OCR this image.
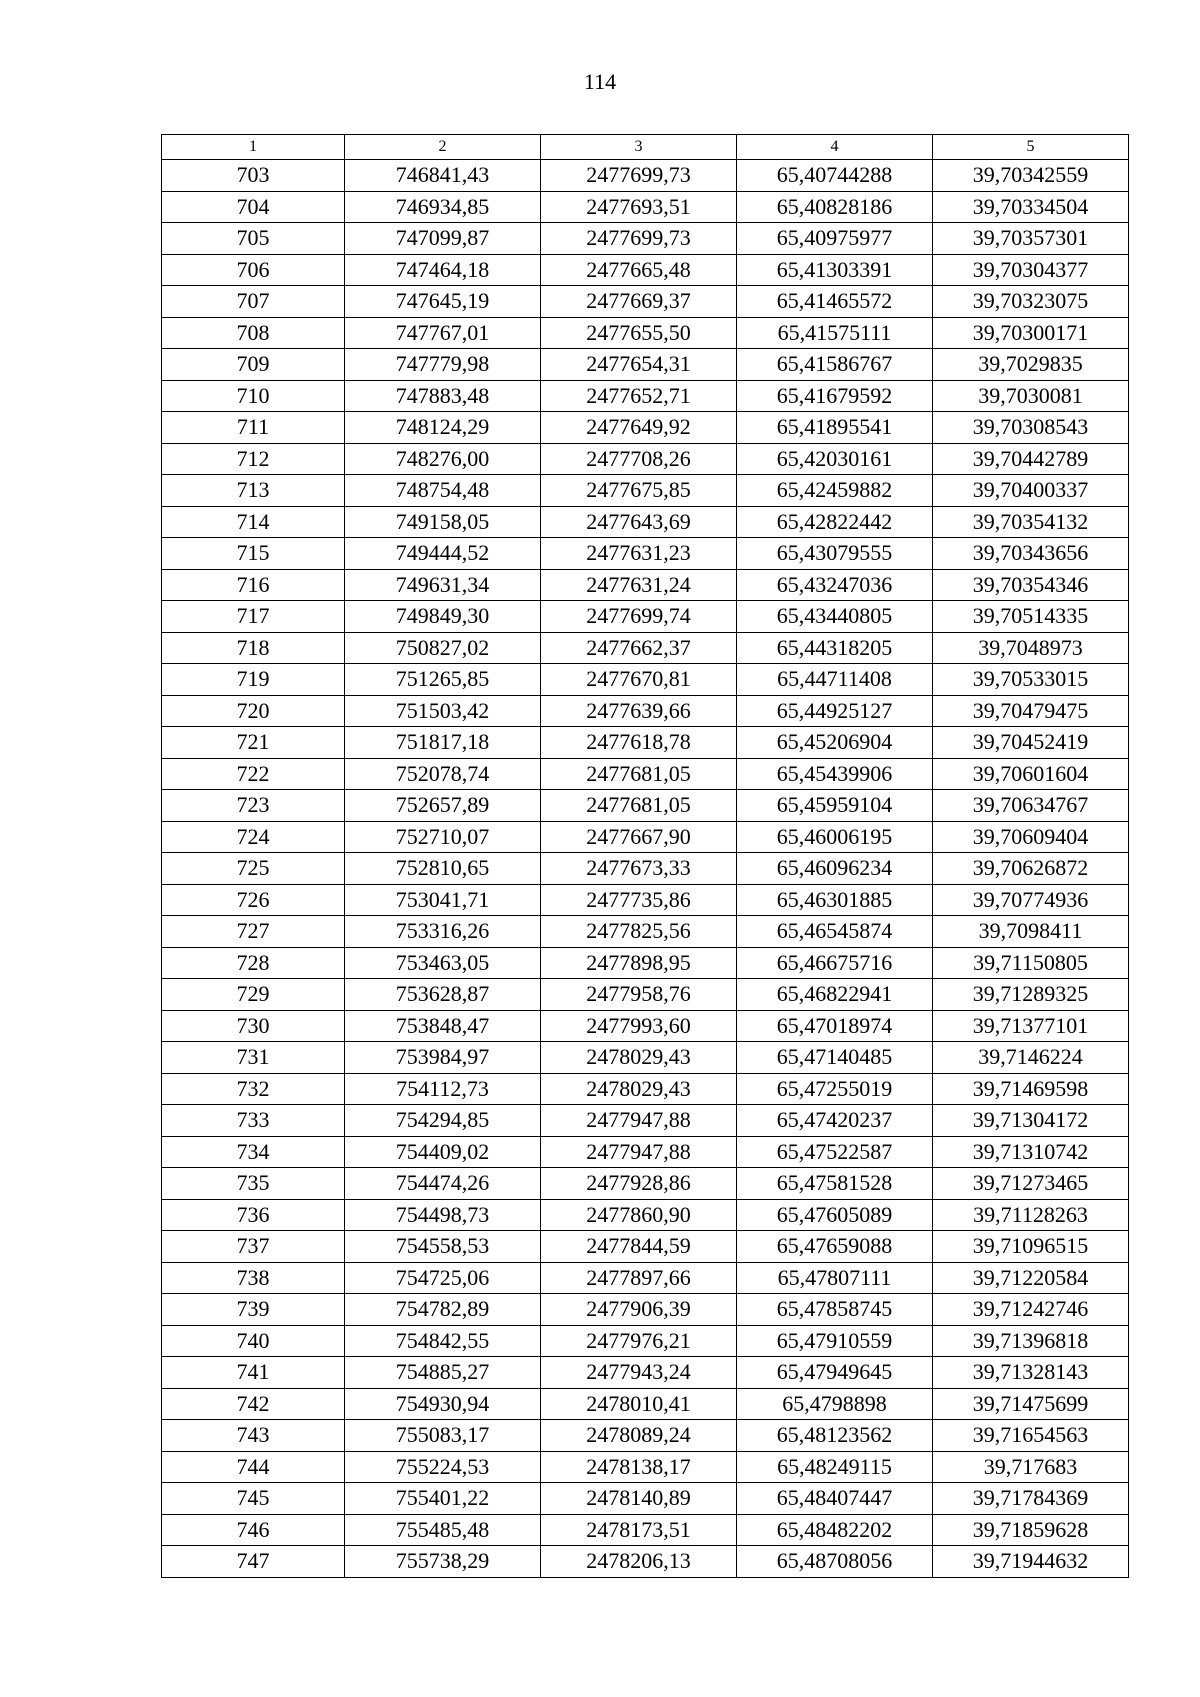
114
1	2	3	4	5
703	746841,43	2477699,73	65,40744288	39,70342559
704	746934,85	2477693,51	65,40828186	39,70334504
705	747099,87	2477699,73	65,40975977	39,70357301
706	747464,18	2477665,48	65,41303391	39,70304377
707	747645,19	2477669,37	65,41465572	39,70323075
708	747767,01	2477655,50	65,41575111	39,70300171
709	747779,98	2477654,31	65,41586767	39,7029835
710	747883,48	2477652,71	65,41679592	39,7030081
711	748124,29	2477649,92	65,41895541	39,70308543
712	748276,00	2477708,26	65,42030161	39,70442789
713	748754,48	2477675,85	65,42459882	39,70400337
714	749158,05	2477643,69	65,42822442	39,70354132
715	749444,52	2477631,23	65,43079555	39,70343656
716	749631,34	2477631,24	65,43247036	39,70354346
717	749849,30	2477699,74	65,43440805	39,70514335
718	750827,02	2477662,37	65,44318205	39,7048973
719	751265,85	2477670,81	65,44711408	39,70533015
720	751503,42	2477639,66	65,44925127	39,70479475
721	751817,18	2477618,78	65,45206904	39,70452419
722	752078,74	2477681,05	65,45439906	39,70601604
723	752657,89	2477681,05	65,45959104	39,70634767
724	752710,07	2477667,90	65,46006195	39,70609404
725	752810,65	2477673,33	65,46096234	39,70626872
726	753041,71	2477735,86	65,46301885	39,70774936
727	753316,26	2477825,56	65,46545874	39,7098411
728	753463,05	2477898,95	65,46675716	39,71150805
729	753628,87	2477958,76	65,46822941	39,71289325
730	753848,47	2477993,60	65,47018974	39,71377101
731	753984,97	2478029,43	65,47140485	39,7146224
732	754112,73	2478029,43	65,47255019	39,71469598
733	754294,85	2477947,88	65,47420237	39,71304172
734	754409,02	2477947,88	65,47522587	39,71310742
735	754474,26	2477928,86	65,47581528	39,71273465
736	754498,73	2477860,90	65,47605089	39,71128263
737	754558,53	2477844,59	65,47659088	39,71096515
738	754725,06	2477897,66	65,47807111	39,71220584
739	754782,89	2477906,39	65,47858745	39,71242746
740	754842,55	2477976,21	65,47910559	39,71396818
741	754885,27	2477943,24	65,47949645	39,71328143
742	754930,94	2478010,41	65,4798898	39,71475699
743	755083,17	2478089,24	65,48123562	39,71654563
744	755224,53	2478138,17	65,48249115	39,717683
745	755401,22	2478140,89	65,48407447	39,71784369
746	755485,48	2478173,51	65,48482202	39,71859628
747	755738,29	2478206,13	65,48708056	39,71944632
